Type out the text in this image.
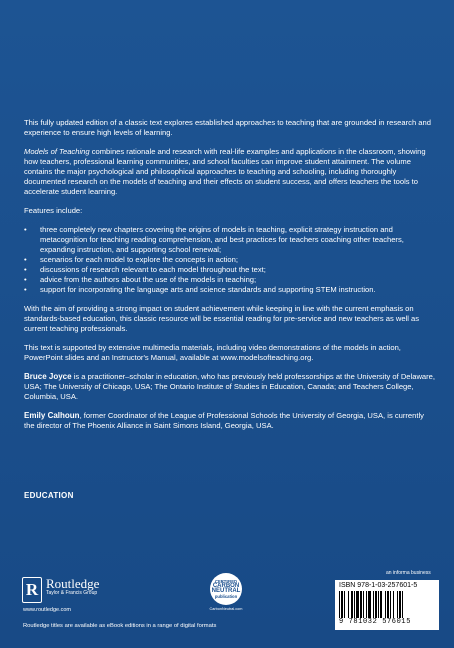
This fully updated edition of a classic text explores established approaches to teaching that are grounded in research and experience to ensure high levels of learning.

Models of Teaching combines rationale and research with real-life examples and applications in the classroom, showing how teachers, professional learning communities, and school faculties can improve student attainment. The volume contains the major psychological and philosophical approaches to teaching and schooling, including thoroughly documented research on the models of teaching and their effects on student success, and offers teachers the tools to accelerate student learning.

Features include:

• three completely new chapters covering the origins of models in teaching, explicit strategy instruction and metacognition for teaching reading comprehension, and best practices for teachers coaching other teachers, expanding instruction, and supporting school renewal;
• scenarios for each model to explore the concepts in action;
• discussions of research relevant to each model throughout the text;
• advice from the authors about the use of the models in teaching;
• support for incorporating the language arts and science standards and supporting STEM instruction.

With the aim of providing a strong impact on student achievement while keeping in line with the current emphasis on standards-based education, this classic resource will be essential reading for pre-service and new teachers as well as current teaching professionals.

This text is supported by extensive multimedia materials, including video demonstrations of the models in action, PowerPoint slides and an Instructor's Manual, available at www.modelsofteaching.org.

Bruce Joyce is a practitioner–scholar in education, who has previously held professorships at the University of Delaware, USA; The University of Chicago, USA; The Ontario Institute of Studies in Education, Canada; and Teachers College, Columbia, USA.

Emily Calhoun, former Coordinator of the League of Professional Schools the University of Georgia, USA, is currently the director of The Phoenix Alliance in Saint Simons Island, Georgia, USA.

EDUCATION
R Routledge
Taylor & Francis Group
www.routledge.com
Routledge titles are available as eBook editions in a range of digital formats
CERTIFIED
CARBON
NEUTRAL
publication
CarbonNeutral.com
an informa business
ISBN 978-1-03-257601-5
9 781032 576015
